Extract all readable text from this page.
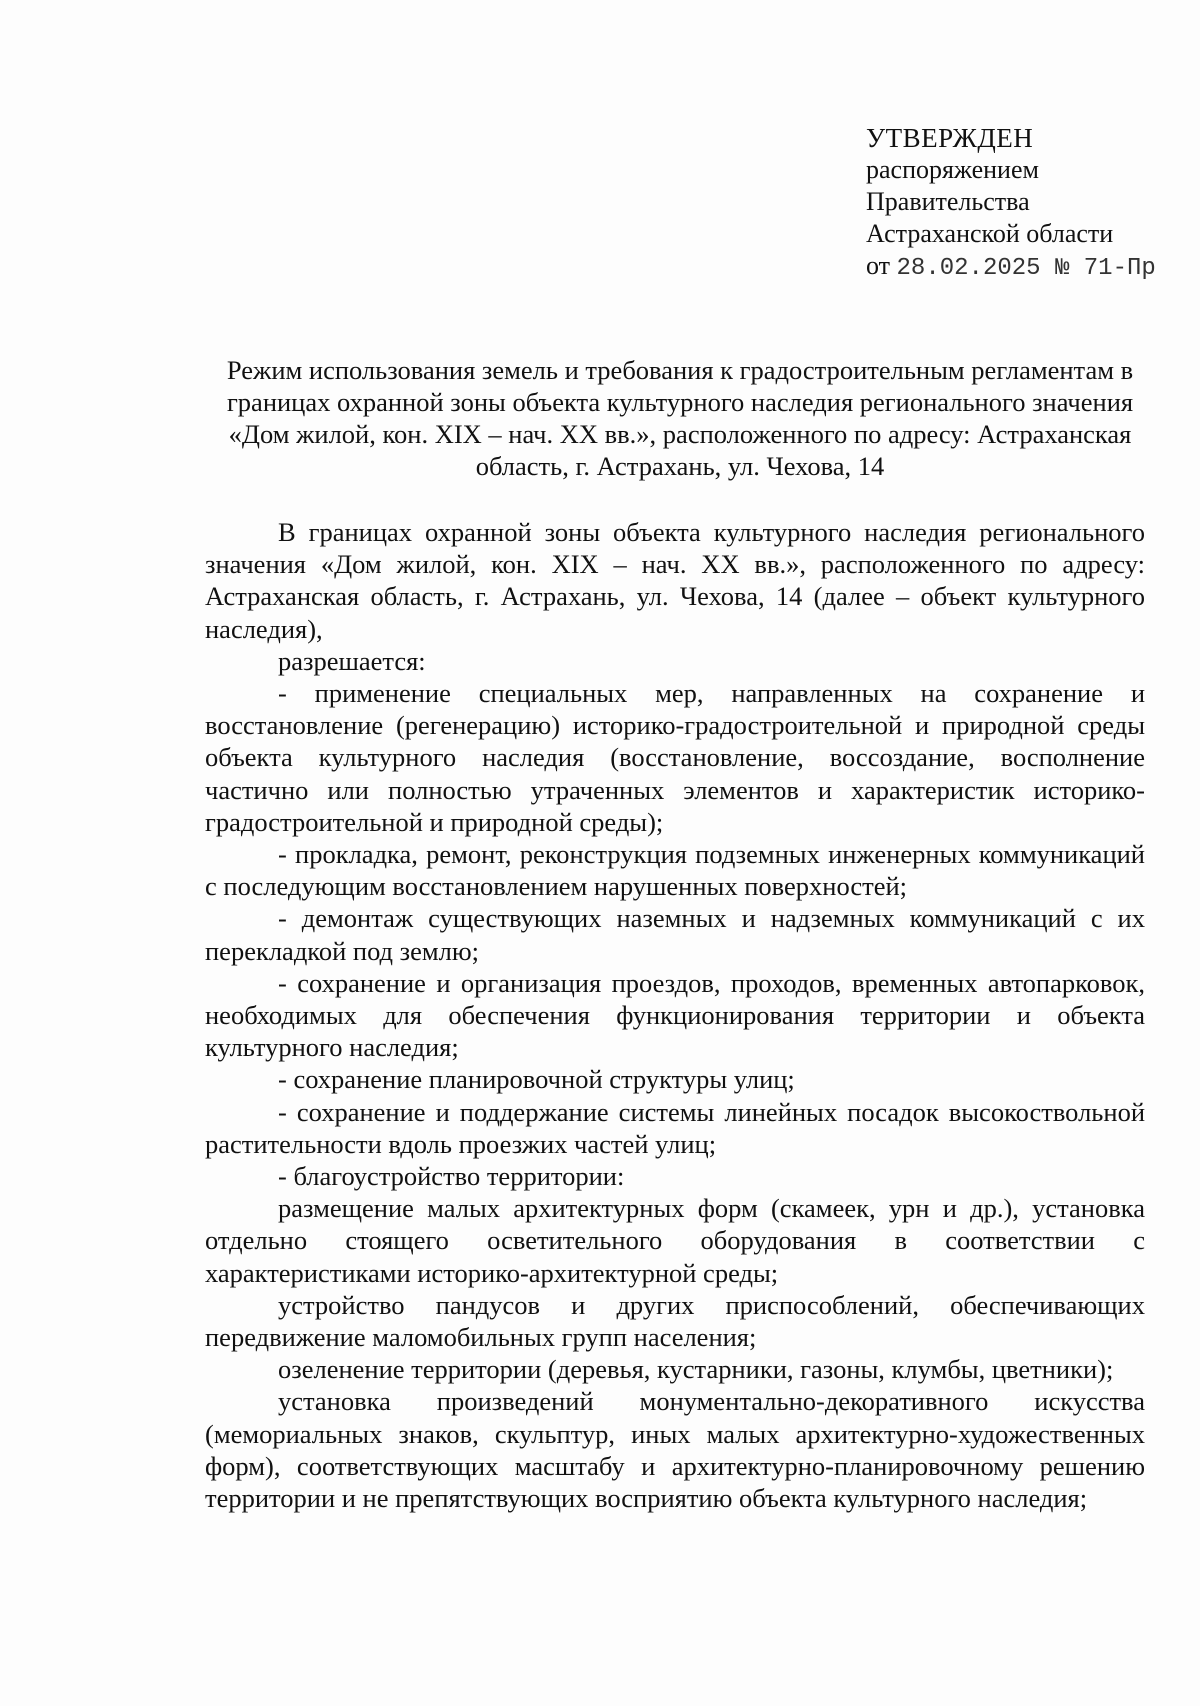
УТВЕРЖДЕН
распоряжением
Правительства
Астраханской области
от 28.02.2025 № 71-Пр
Режим использования земель и требования к градостроительным регламентам в границах охранной зоны объекта культурного наследия регионального значения «Дом жилой, кон. XIX – нач. XX вв.», расположенного по адресу: Астраханская область, г. Астрахань, ул. Чехова, 14

В границах охранной зоны объекта культурного наследия регионального значения «Дом жилой, кон. XIX – нач. XX вв.», расположенного по адресу: Астраханская область, г. Астрахань, ул. Чехова, 14 (далее – объект культурного наследия),

разрешается:

- применение специальных мер, направленных на сохранение и восстановление (регенерацию) историко-градостроительной и природной среды объекта культурного наследия (восстановление, воссоздание, восполнение частично или полностью утраченных элементов и характеристик историко-градостроительной и природной среды);

- прокладка, ремонт, реконструкция подземных инженерных коммуникаций с последующим восстановлением нарушенных поверхностей;

- демонтаж существующих наземных и надземных коммуникаций с их перекладкой под землю;

- сохранение и организация проездов, проходов, временных автопарковок, необходимых для обеспечения функционирования территории и объекта культурного наследия;

- сохранение планировочной структуры улиц;

- сохранение и поддержание системы линейных посадок высокоствольной растительности вдоль проезжих частей улиц;

- благоустройство территории:

размещение малых архитектурных форм (скамеек, урн и др.), установка отдельно стоящего осветительного оборудования в соответствии с характеристиками историко-архитектурной среды;

устройство пандусов и других приспособлений, обеспечивающих передвижение маломобильных групп населения;

озеленение территории (деревья, кустарники, газоны, клумбы, цветники);

установка произведений монументально-декоративного искусства (мемориальных знаков, скульптур, иных малых архитектурно-художественных форм), соответствующих масштабу и архитектурно-планировочному решению территории и не препятствующих восприятию объекта культурного наследия;
